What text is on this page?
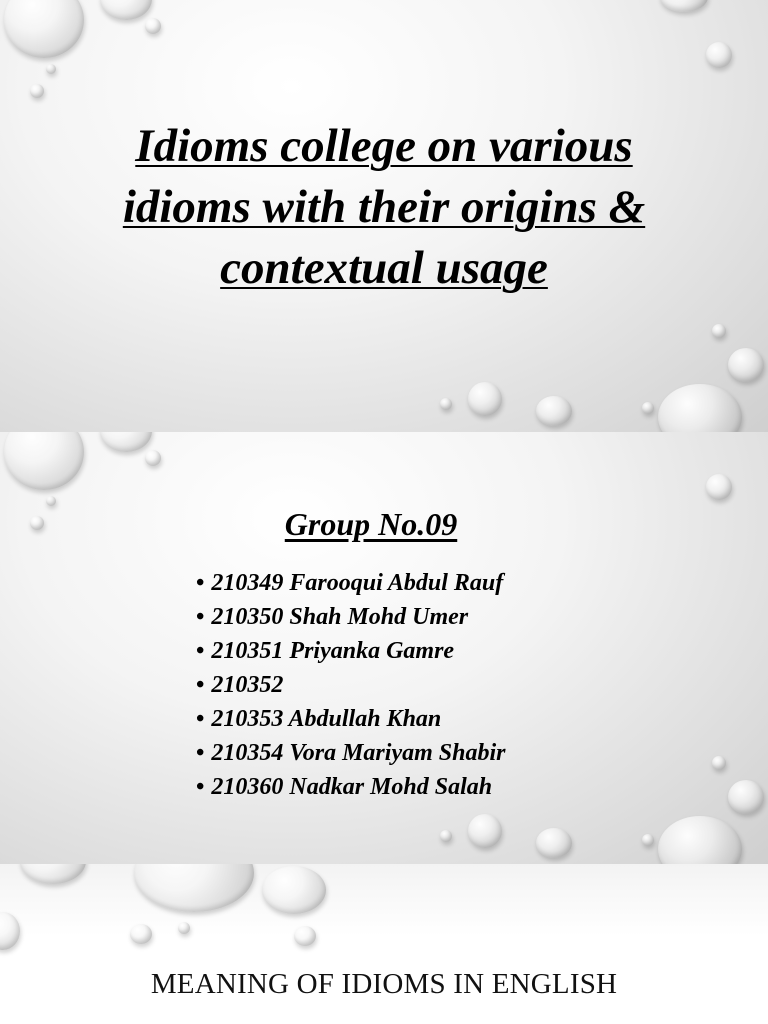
Idioms college on various idioms with their origins & contextual usage
Group No.09
• 210349 Farooqui Abdul Rauf
• 210350 Shah Mohd Umer
• 210351 Priyanka Gamre
• 210352
• 210353 Abdullah Khan
• 210354 Vora Mariyam Shabir
• 210360 Nadkar Mohd Salah
MEANING OF IDIOMS IN ENGLISH
